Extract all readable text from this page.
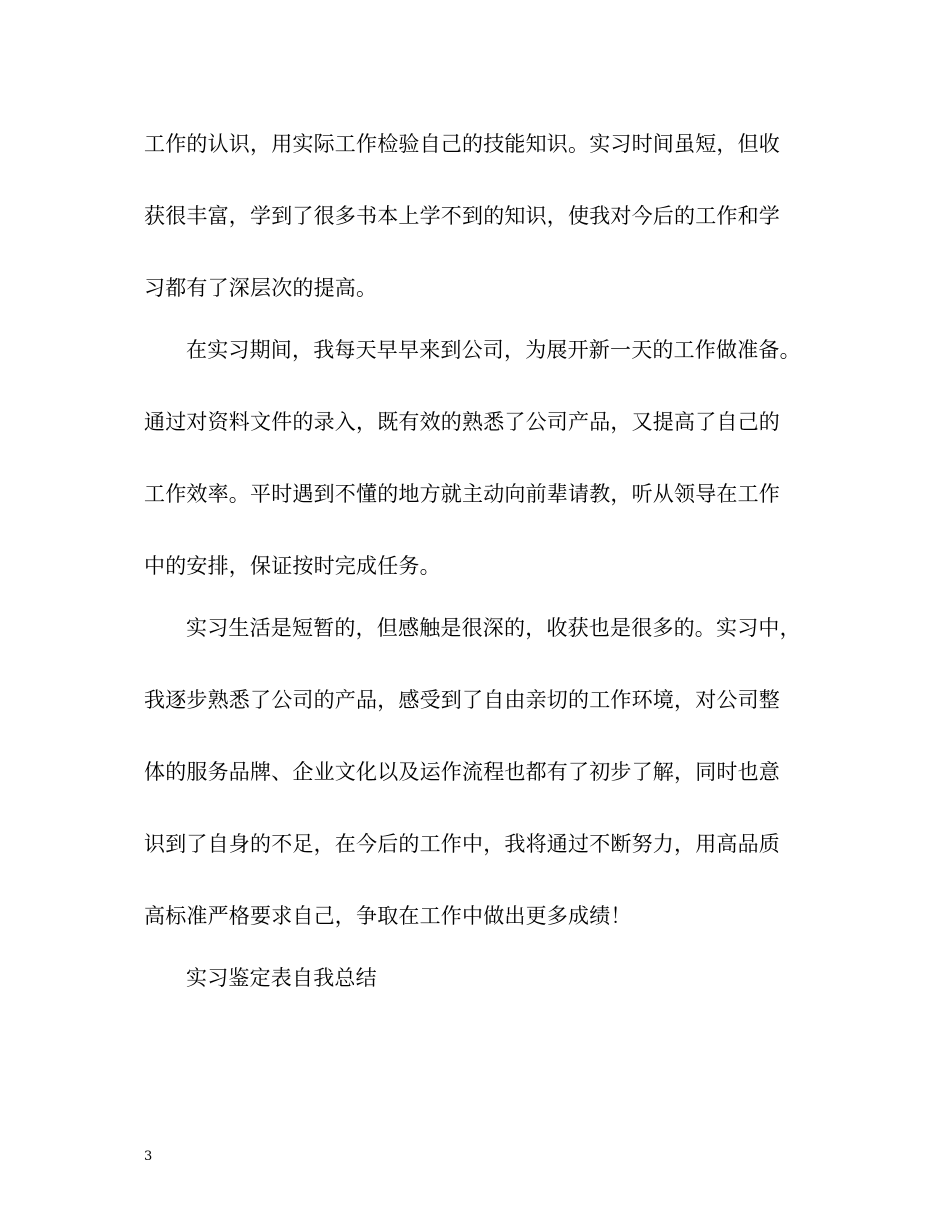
工作的认识，用实际工作检验自己的技能知识。实习时间虽短，但收
获很丰富，学到了很多书本上学不到的知识，使我对今后的工作和学
习都有了深层次的提高。
在实习期间，我每天早早来到公司，为展开新一天的工作做准备。
通过对资料文件的录入，既有效的熟悉了公司产品，又提高了自己的
工作效率。平时遇到不懂的地方就主动向前辈请教，听从领导在工作
中的安排，保证按时完成任务。
实习生活是短暂的，但感触是很深的，收获也是很多的。实习中，
我逐步熟悉了公司的产品，感受到了自由亲切的工作环境，对公司整
体的服务品牌、企业文化以及运作流程也都有了初步了解，同时也意
识到了自身的不足，在今后的工作中，我将通过不断努力，用高品质
高标准严格要求自己，争取在工作中做出更多成绩！
实习鉴定表自我总结
3
